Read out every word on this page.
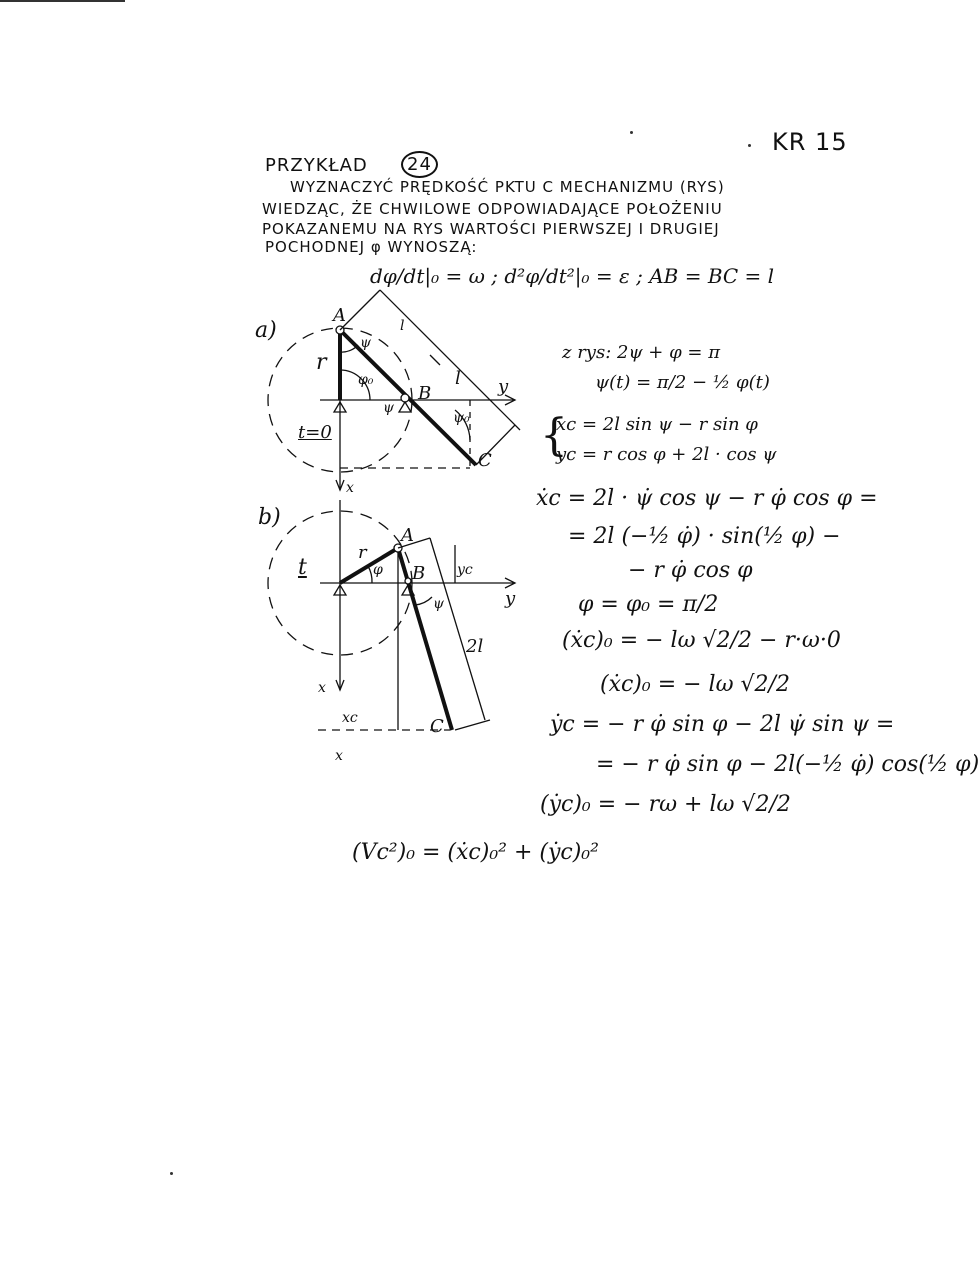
KR 15
PRZYKŁAD	24
WYZNACZYĆ PRĘDKOŚĆ PKTU C MECHANIZMU (RYS)
WIEDZĄC, ŻE CHWILOWE ODPOWIADAJĄCE POŁOŻENIU
POKAZANEMU NA RYS WARTOŚCI PIERWSZEJ I DRUGIEJ
POCHODNEJ φ WYNOSZĄ:
dφ/dt|₀ = ω ; d²φ/dt²|₀ = ε ; AB = BC = l
a)
A
B
C
r
l
l
φ₀
ψ
ψ
ψ₀
t=0
y
x
b)
A
B
C
r
t	φ
ψ
yc
xc
2l
y
x
x
z rys: 2ψ + φ = π
ψ(t) = π/2 − ½ φ(t)
{
xc = 2l sin ψ − r sin φ
yc = r cos φ + 2l · cos ψ
ẋc = 2l · ψ̇ cos ψ − r φ̇ cos φ =
= 2l (−½ φ̇) · sin(½ φ) −
− r φ̇ cos φ
φ = φ₀ = π/2
(ẋc)₀ = − lω √2/2 − r·ω·0
(ẋc)₀ = − lω √2/2
ẏc = − r φ̇ sin φ − 2l ψ̇ sin ψ =
= − r φ̇ sin φ − 2l(−½ φ̇) cos(½ φ)
(ẏc)₀ = − rω + lω √2/2
(Vc²)₀ = (ẋc)₀² + (ẏc)₀²
